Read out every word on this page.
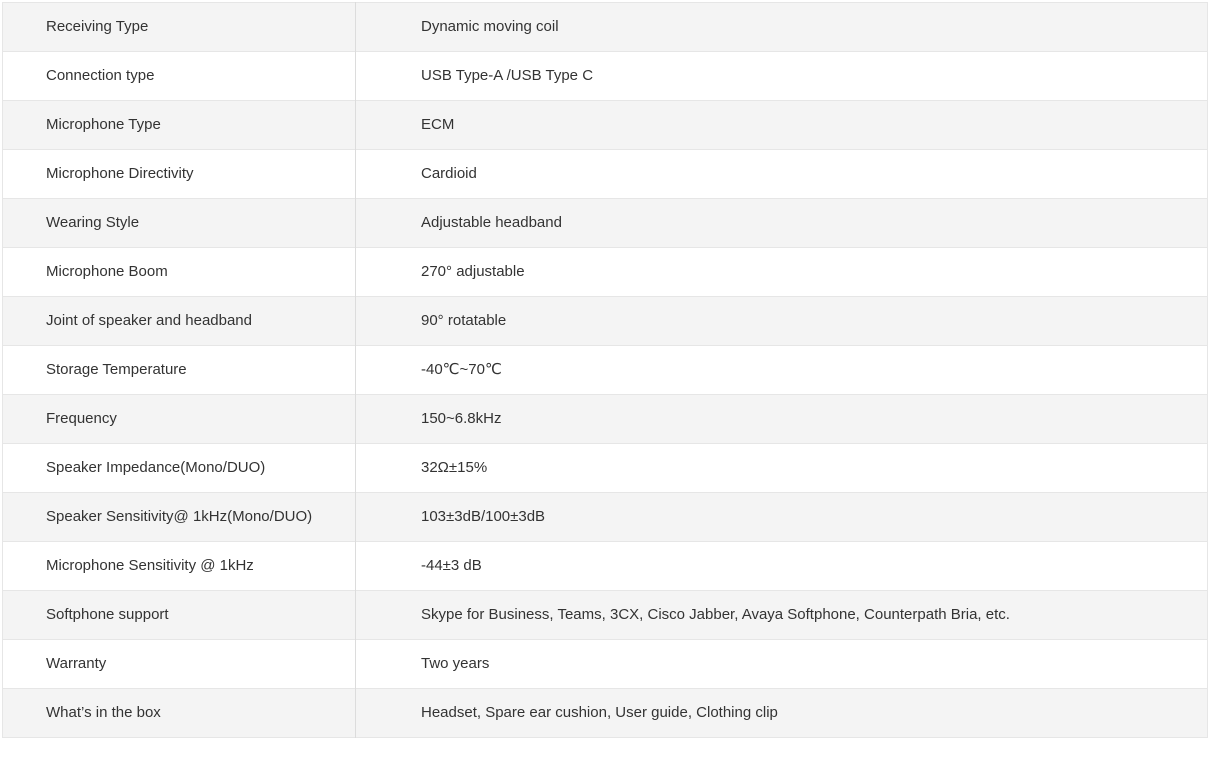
Receiving Type	Dynamic moving coil
Connection type	USB Type-A /USB Type C
Microphone Type	ECM
Microphone Directivity	Cardioid
Wearing Style	Adjustable headband
Microphone Boom	270° adjustable
Joint of speaker and headband	90° rotatable
Storage Temperature	-40℃~70℃
Frequency	150~6.8kHz
Speaker Impedance(Mono/DUO)	32Ω±15%
Speaker Sensitivity@ 1kHz(Mono/DUO)	103±3dB/100±3dB
Microphone Sensitivity @ 1kHz	-44±3 dB
Softphone support	Skype for Business, Teams, 3CX, Cisco Jabber, Avaya Softphone, Counterpath Bria, etc.
Warranty	Two years
What’s in the box	Headset, Spare ear cushion, User guide, Clothing clip
